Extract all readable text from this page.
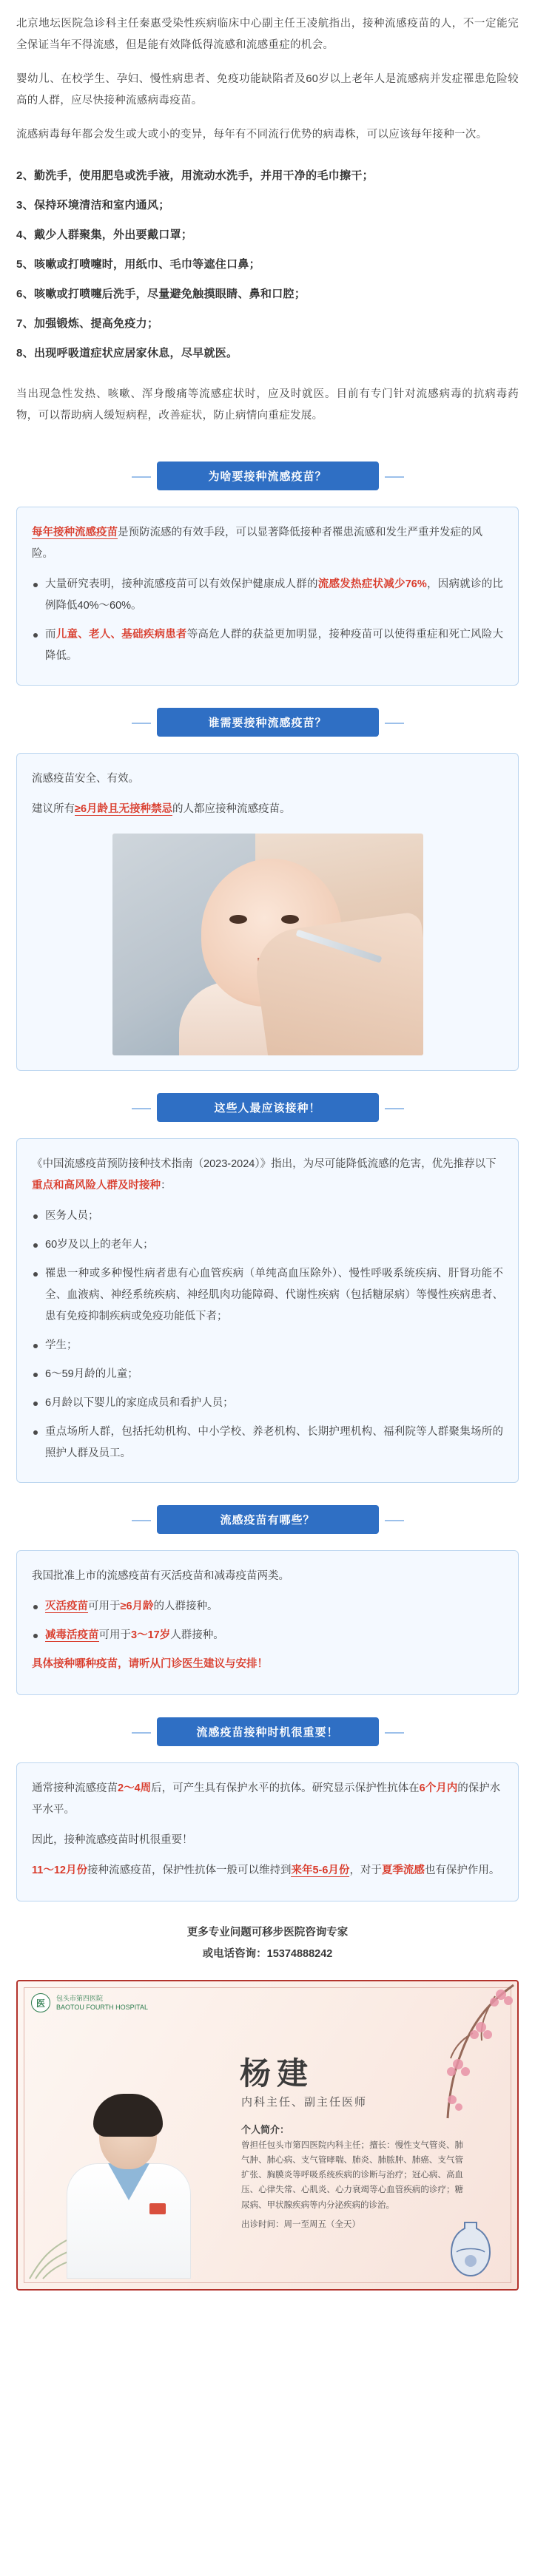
北京地坛医院急诊科主任秦惠受染性疾病临床中心副主任王凌航指出，接种流感疫苗的人，不一定能完全保证当年不得流感，但是能有效降低得流感和流感重症的机会。

婴幼儿、在校学生、孕妇、慢性病患者、免疫功能缺陷者及60岁以上老年人是流感病并发症罹患危险较高的人群，应尽快接种流感病毒疫苗。

流感病毒每年都会发生或大或小的变异，每年有不同流行优势的病毒株，可以应该每年接种一次。

2、勤洗手，使用肥皂或洗手液，用流动水洗手，并用干净的毛巾擦干；

3、保持环境清洁和室内通风；

4、戴少人群聚集，外出要戴口罩；

5、咳嗽或打喷嚏时，用纸巾、毛巾等遮住口鼻；

6、咳嗽或打喷嚏后洗手，尽量避免触摸眼睛、鼻和口腔；

7、加强锻炼、提高免疫力；

8、出现呼吸道症状应居家休息，尽早就医。

当出现急性发热、咳嗽、浑身酸痛等流感症状时，应及时就医。目前有专门针对流感病毒的抗病毒药物，可以帮助病人缓短病程，改善症状，防止病情向重症发展。

为啥要接种流感疫苗？

每年接种流感疫苗是预防流感的有效手段，可以显著降低接种者罹患流感和发生严重并发症的风险。

大量研究表明，接种流感疫苗可以有效保护健康成人群的流感发热症状减少76%，因病就诊的比例降低40%～60%。

而儿童、老人、基础疾病患者等高危人群的获益更加明显，接种疫苗可以使得重症和死亡风险大降低。

谁需要接种流感疫苗？

流感疫苗安全、有效。

建议所有≥6月龄且无接种禁忌的人都应接种流感疫苗。

这些人最应该接种！

《中国流感疫苗预防接种技术指南（2023-2024）》指出，为尽可能降低流感的危害，优先推荐以下重点和高风险人群及时接种：

医务人员；

60岁及以上的老年人；

罹患一种或多种慢性病者患有心血管疾病（单纯高血压除外）、慢性呼吸系统疾病、肝肾功能不全、血液病、神经系统疾病、神经肌肉功能障碍、代谢性疾病（包括糖尿病）等慢性疾病患者、患有免疫抑制疾病或免疫功能低下者；

学生；

6～59月龄的儿童；

6月龄以下婴儿的家庭成员和看护人员；

重点场所人群，包括托幼机构、中小学校、养老机构、长期护理机构、福利院等人群聚集场所的照护人群及员工。

流感疫苗有哪些？

我国批准上市的流感疫苗有灭活疫苗和减毒疫苗两类。

灭活疫苗可用于≥6月龄的人群接种。

减毒活疫苗可用于3～17岁人群接种。

具体接种哪种疫苗，请听从门诊医生建议与安排！

流感疫苗接种时机很重要！

通常接种流感疫苗2～4周后，可产生具有保护水平的抗体。研究显示保护性抗体在6个月内的保护水平水平。

因此，接种流感疫苗时机很重要！

11～12月份接种流感疫苗，保护性抗体一般可以维持到来年5-6月份，对于夏季流感也有保护作用。

更多专业问题可移步医院咨询专家
或电话咨询：15374888242
医	包头市第四医院
BAOTOU FOURTH HOSPITAL
杨建
内科主任、副主任医师
个人简介：
曾担任包头市第四医院内科主任；擅长：慢性支气管炎、肺气肿、肺心病、支气管哮喘、肺炎、肺脓肿、肺癌、支气管扩张、胸膜炎等呼吸系统疾病的诊断与治疗；冠心病、高血压、心律失常、心肌炎、心力衰竭等心血管疾病的诊疗；糖尿病、甲状腺疾病等内分泌疾病的诊治。
出诊时间：周一至周五（全天）
